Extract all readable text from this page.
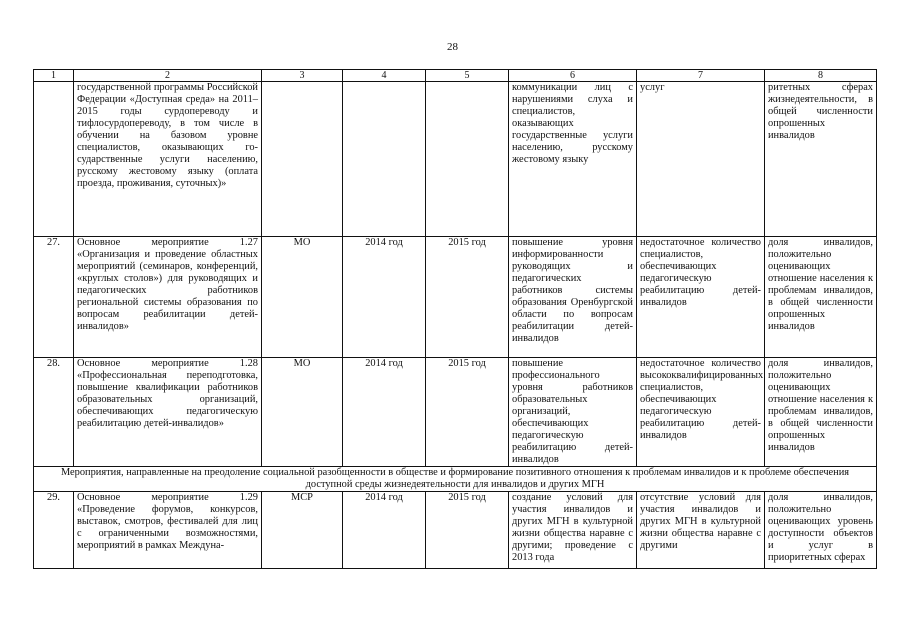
28
1	2	3	4	5	6	7	8
	государственной программы Российской Федерации «Доступная среда» на 2011–2015 годы сурдопереводу и тифлосурдопереводу, в том числе в обучении на базовом уровне специалистов, оказывающих го-сударственные услуги населению, русскому жестовому языку (оплата проезда, проживания, суточных)»				коммуникации лиц с нарушениями слуха и специалистов, оказывающих государственные услуги населению, русскому жестовому языку	услуг	ритетных сферах жизнедеятельности, в общей численности опрошенных инвалидов
27.	Основное мероприятие 1.27 «Организация и проведение областных мероприятий (семинаров, конференций, «круглых столов») для руководящих и педагогических работников региональной системы образования по вопросам реабилитации детей-инвалидов»	МО	2014 год	2015 год	повышение уровня информированности руководящих и педагогических работников системы образования Оренбургской области по вопросам реабилитации детей-инвалидов	недостаточное количество специалистов, обеспечивающих педагогическую реабилитацию детей-инвалидов	доля инвалидов, положительно оценивающих отношение населения к проблемам инвалидов, в общей численности опрошенных инвалидов
28.	Основное мероприятие 1.28 «Профессиональная переподготовка, повышение квалификации работников образовательных организаций, обеспечивающих педагогическую реабилитацию детей-инвалидов»	МО	2014 год	2015 год	повышение профессионального уровня работников образовательных организаций, обеспечивающих педагогическую реабилитацию детей-инвалидов	недостаточное количество высококвалифицированных специалистов, обеспечивающих педагогическую реабилитацию детей-инвалидов	доля инвалидов, положительно оценивающих отношение населения к проблемам инвалидов, в общей численности опрошенных инвалидов
Мероприятия, направленные на преодоление социальной разобщенности в обществе и формирование позитивного отношения к проблемам инвалидов и к проблеме обеспечения доступной среды жизнедеятельности для инвалидов и других МГН							
29.	Основное мероприятие 1.29 «Проведение форумов, конкурсов, выставок, смотров, фестивалей для лиц с ограниченными возможностями, мероприятий в рамках Междуна-	МСР	2014 год	2015 год	создание условий для участия инвалидов и других МГН в культурной жизни общества наравне с другими; проведение с 2013 года	отсутствие условий для участия инвалидов и других МГН в культурной жизни общества наравне с другими	доля инвалидов, положительно оценивающих уровень доступности объектов и услуг в приоритетных сферах
